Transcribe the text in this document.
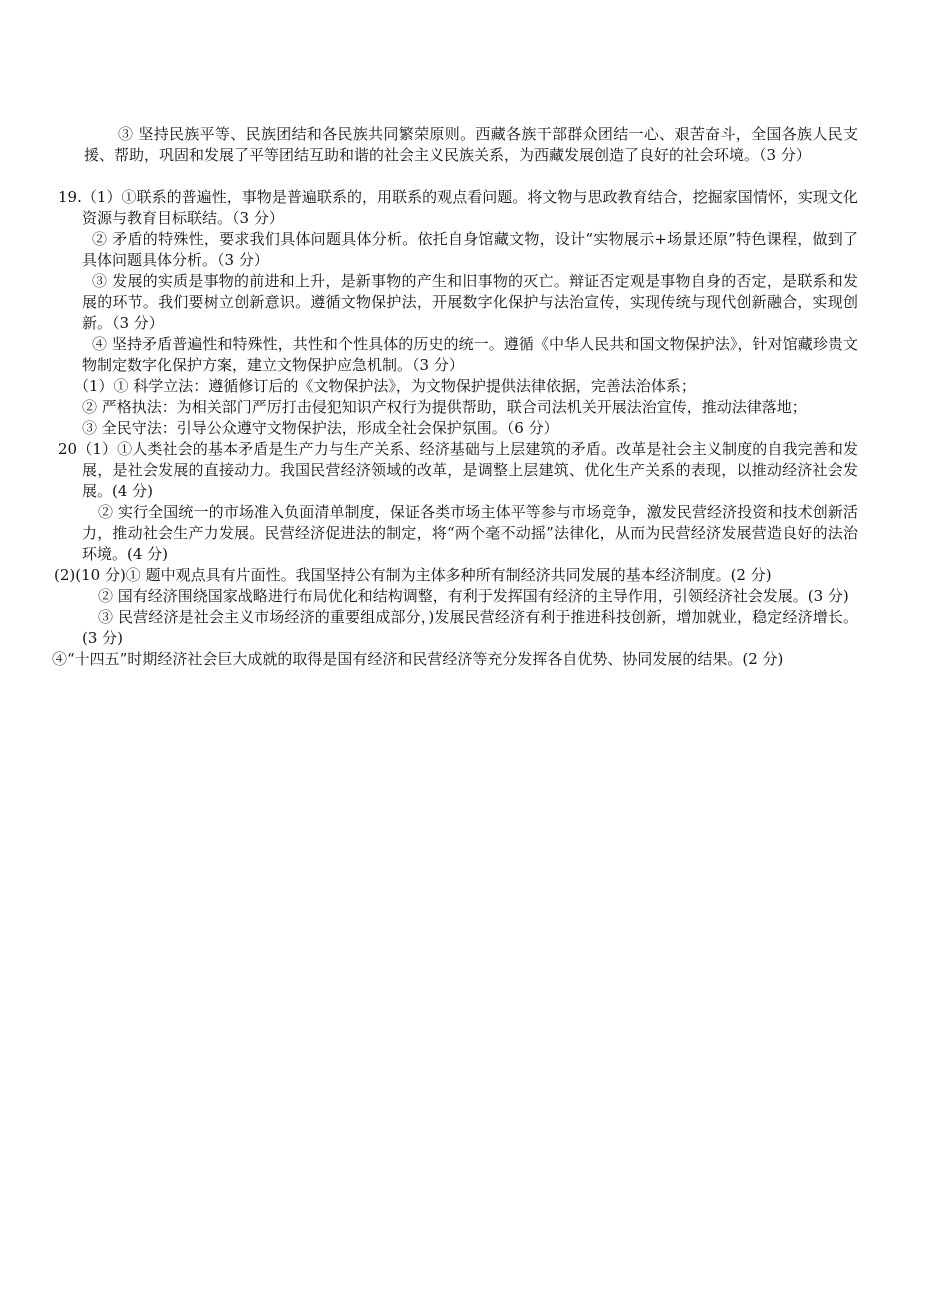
③ 坚持民族平等、民族团结和各民族共同繁荣原则。西藏各族干部群众团结一心、艰苦奋斗，全国各族人民支援、帮助，巩固和发展了平等团结互助和谐的社会主义民族关系，为西藏发展创造了良好的社会环境。（3 分）

19.（1）①联系的普遍性，事物是普遍联系的，用联系的观点看问题。将文物与思政教育结合，挖掘家国情怀，实现文化资源与教育目标联结。（3 分）

② 矛盾的特殊性，要求我们具体问题具体分析。依托自身馆藏文物，设计“实物展示+场景还原”特色课程，做到了具体问题具体分析。（3 分）

③ 发展的实质是事物的前进和上升，是新事物的产生和旧事物的灭亡。辩证否定观是事物自身的否定，是联系和发展的环节。我们要树立创新意识。遵循文物保护法，开展数字化保护与法治宣传，实现传统与现代创新融合，实现创新。（3 分）

④ 坚持矛盾普遍性和特殊性，共性和个性具体的历史的统一。遵循《中华人民共和国文物保护法》，针对馆藏珍贵文物制定数字化保护方案，建立文物保护应急机制。（3 分）

（1）① 科学立法：遵循修订后的《文物保护法》，为文物保护提供法律依据，完善法治体系；

② 严格执法：为相关部门严厉打击侵犯知识产权行为提供帮助，联合司法机关开展法治宣传，推动法律落地；

③ 全民守法：引导公众遵守文物保护法，形成全社会保护氛围。（6 分）

20（1）①人类社会的基本矛盾是生产力与生产关系、经济基础与上层建筑的矛盾。改革是社会主义制度的自我完善和发展，是社会发展的直接动力。我国民营经济领域的改革，是调整上层建筑、优化生产关系的表现，以推动经济社会发展。(4 分)

② 实行全国统一的市场准入负面清单制度，保证各类市场主体平等参与市场竞争，激发民营经济投资和技术创新活力，推动社会生产力发展。民营经济促进法的制定，将“两个毫不动摇”法律化，从而为民营经济发展营造良好的法治环境。(4 分)

(2)(10 分)① 题中观点具有片面性。我国坚持公有制为主体多种所有制经济共同发展的基本经济制度。(2 分)

② 国有经济围绕国家战略进行布局优化和结构调整，有利于发挥国有经济的主导作用，引领经济社会发展。(3 分)

③ 民营经济是社会主义市场经济的重要组成部分，)发展民营经济有利于推进科技创新，增加就业，稳定经济增长。(3 分)

④“十四五”时期经济社会巨大成就的取得是国有经济和民营经济等充分发挥各自优势、协同发展的结果。(2 分)
